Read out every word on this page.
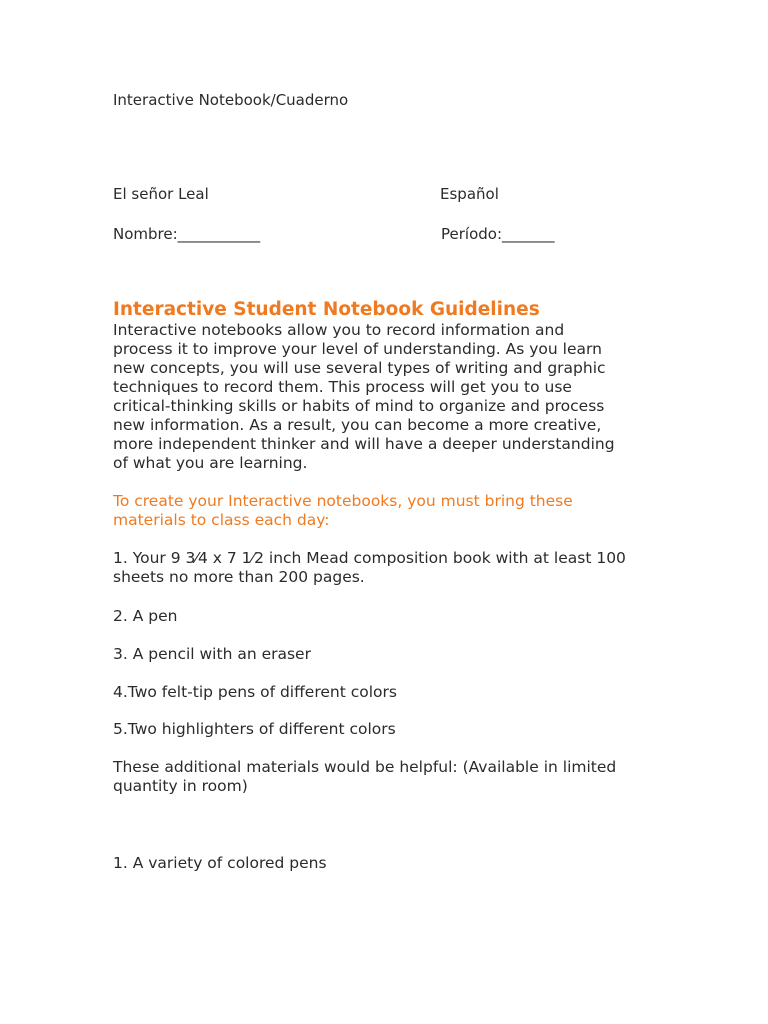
Interactive Notebook/Cuaderno
El señor Leal	Español
Nombre:___________	Período:_______
Interactive Student Notebook Guidelines

Interactive notebooks allow you to record information and

process it to improve your level of understanding. As you learn

new concepts, you will use several types of writing and graphic

techniques to record them. This process will get you to use

critical-thinking skills or habits of mind to organize and process

new information. As a result, you can become a more creative,

more independent thinker and will have a deeper understanding

of what you are learning.

To create your Interactive notebooks, you must bring these

materials to class each day:

1. Your 9 3⁄4 x 7 1⁄2 inch Mead composition book with at least 100

sheets no more than 200 pages.

2. A pen
3. A pencil with an eraser
4.Two felt-tip pens of different colors
5.Two highlighters of different colors

These additional materials would be helpful: (Available in limited

quantity in room)

1. A variety of colored pens
